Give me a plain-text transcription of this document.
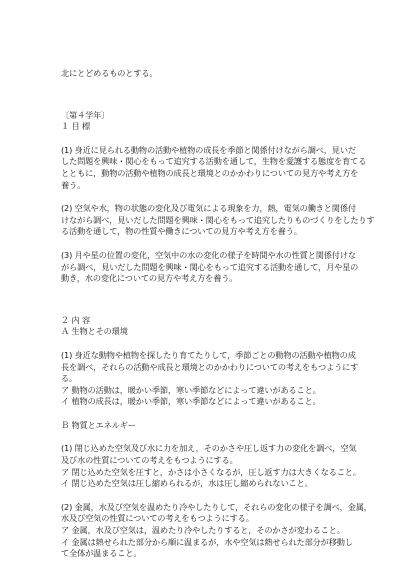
北にとどめるものとする。
〔第４学年〕
１ 目 標
(1) 身近に見られる動物の活動や植物の成長を季節と関係付けながら調べ，見いだ
した問題を興味・関心をもって追究する活動を通して，生物を愛護する態度を育てる
とともに，動物の活動や植物の成長と環境とのかかわりについての見方や考え方を
養う。
(2) 空気や水，物の状態の変化及び電気による現象を力，熱，電気の働きと関係付
けながら調べ，見いだした問題を興味・関心をもって追究したりものづくりをしたりす
る活動を通して，物の性質や働きについての見方や考え方を養う。
(3) 月や星の位置の変化，空気中の水の変化の様子を時間や水の性質と関係付けな
がら調べ，見いだした問題を興味・関心をもって追究する活動を通して，月や星の
動き，水の変化についての見方や考え方を養う。
２ 内 容
Ａ 生物とその環境
(1) 身近な動物や植物を探したり育てたりして，季節ごとの動物の活動や植物の成
長を調べ，それらの活動や成長と環境とのかかわりについての考えをもつようにす
る。
ア 動物の活動は，暖かい季節，寒い季節などによって違いがあること。
イ 植物の成長は，暖かい季節，寒い季節などによって違いがあること。
Ｂ 物質とエネルギー
(1) 閉じ込めた空気及び水に力を加え，そのかさや圧し返す力の変化を調べ，空気
及び水の性質についての考えをもつようにする。
ア 閉じ込めた空気を圧すと，かさは小さくなるが，圧し返す力は大きくなること。
イ 閉じ込めた空気は圧し縮められるが，水は圧し縮められないこと。
(2) 金属，水及び空気を温めたり冷やしたりして，それらの変化の様子を調べ，金属，
水及び空気の性質についての考えをもつようにする。
ア 金属，水及び空気は，温めたり冷やしたりすると，そのかさが変わること。
イ 金属は熱せられた部分から順に温まるが，水や空気は熱せられた部分が移動し
て全体が温まること。
